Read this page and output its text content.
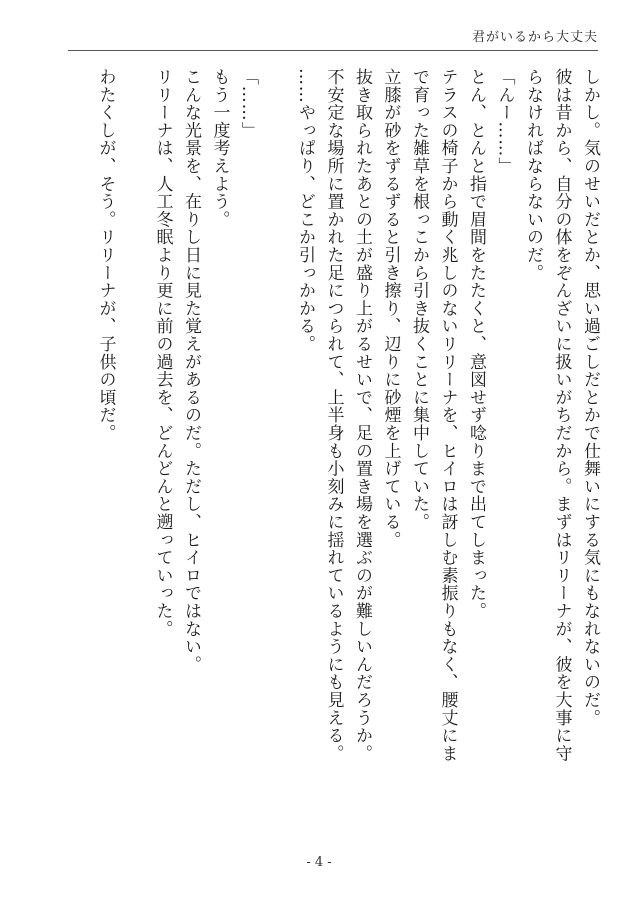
君がいるから大丈夫
しかし。気のせいだとか、思い過ごしだとかで仕舞いにする気にもなれないのだ。
彼は昔から、自分の体をぞんざいに扱いがちだから。まずはリリーナが、彼を大事に守
らなければならないのだ。
「んー……」
とん、とんと指で眉間をたたくと、意図せず唸りまで出てしまった。
テラスの椅子から動く兆しのないリリーナを、ヒイロは訝しむ素振りもなく、腰丈にま
で育った雑草を根っこから引き抜くことに集中していた。
立膝が砂をずるずると引き擦り、辺りに砂煙を上げている。
抜き取られたあとの土が盛り上がるせいで、足の置き場を選ぶのが難しいんだろうか。
不安定な場所に置かれた足につられて、上半身も小刻みに揺れているようにも見える。
……やっぱり、どこか引っかかる。
「……」
もう一度考えよう。
こんな光景を、在りし日に見た覚えがあるのだ。ただし、ヒイロではない。
リリーナは、人工冬眠より更に前の過去を、どんどんと遡っていった。
わたくしが、そう。リリーナが、子供の頃だ。
- 4 -
